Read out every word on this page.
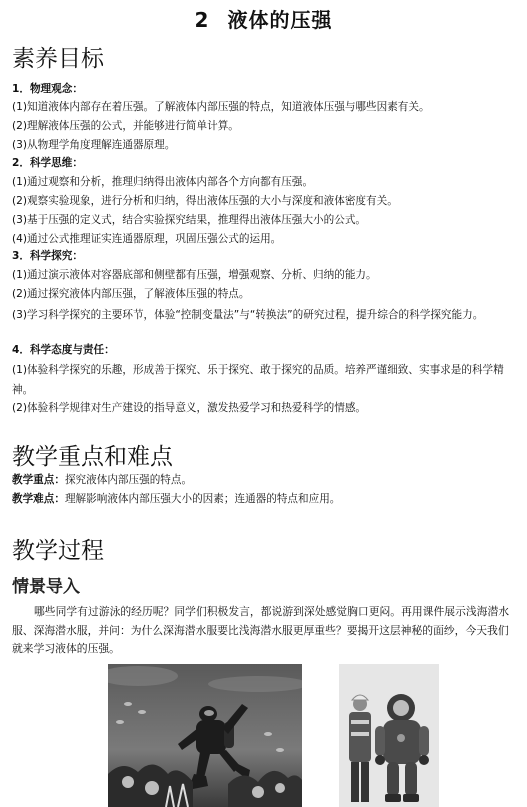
2 液体的压强
素养目标
1．物理观念：
(1)知道液体内部存在着压强。了解液体内部压强的特点，知道液体压强与哪些因素有关。
(2)理解液体压强的公式，并能够进行简单计算。
(3)从物理学角度理解连通器原理。
2．科学思维：
(1)通过观察和分析，推理归纳得出液体内部各个方向都有压强。
(2)观察实验现象，进行分析和归纳，得出液体压强的大小与深度和液体密度有关。
(3)基于压强的定义式，结合实验探究结果，推理得出液体压强大小的公式。
(4)通过公式推理证实连通器原理，巩固压强公式的运用。
3．科学探究：
(1)通过演示液体对容器底部和侧壁都有压强，增强观察、分析、归纳的能力。
(2)通过探究液体内部压强，了解液体压强的特点。
(3)学习科学探究的主要环节，体验“控制变量法”与“转换法”的研究过程，提升综合的科学探究能力。
4．科学态度与责任：
(1)体验科学探究的乐趣，形成善于探究、乐于探究、敢于探究的品质。培养严谨细致、实事求是的科学精神。
(2)体验科学规律对生产建设的指导意义，激发热爱学习和热爱科学的情感。
教学重点和难点
教学重点：探究液体内部压强的特点。
教学难点：理解影响液体内部压强大小的因素；连通器的特点和应用。
教学过程
情景导入
哪些同学有过游泳的经历呢？同学们积极发言，都说游到深处感觉胸口更闷。再用课件展示浅海潜水服、深海潜水服，并问：为什么深海潜水服要比浅海潜水服更厚重些？要揭开这层神秘的面纱，今天我们就来学习液体的压强。
